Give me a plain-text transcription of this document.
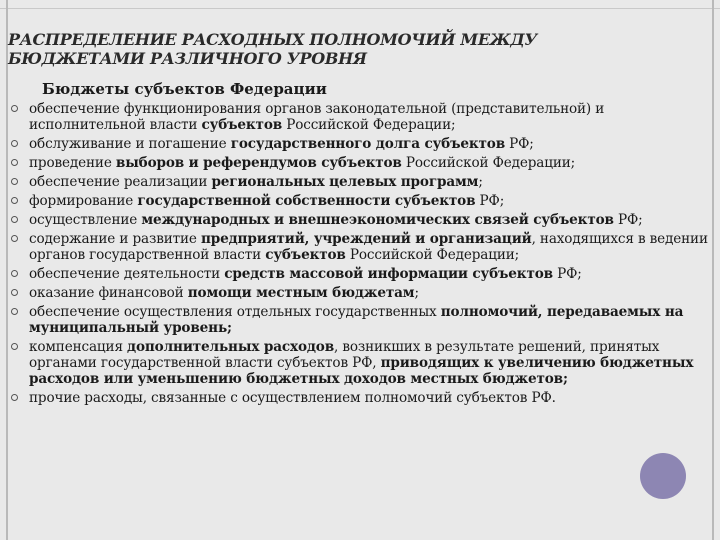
РАСПРЕДЕЛЕНИЕ РАСХОДНЫХ ПОЛНОМОЧИЙ МЕЖДУ
БЮДЖЕТАМИ РАЗЛИЧНОГО УРОВНЯ

Бюджеты субъектов Федерации

обеспечение функционирования органов законодательной (представительной) и исполнительной власти субъектов Российской Федерации;
обслуживание и погашение государственного долга субъектов РФ;
проведение выборов и референдумов субъектов Российской Федерации;
обеспечение реализации региональных целевых программ;
формирование государственной собственности субъектов РФ;
осуществление международных и внешнеэкономических связей субъектов РФ;
содержание и развитие предприятий, учреждений и организаций, находящихся в ведении органов государственной власти субъектов Российской Федерации;
обеспечение деятельности средств массовой информации субъектов РФ;
оказание финансовой помощи местным бюджетам;
обеспечение осуществления отдельных государственных полномочий, передаваемых на муниципальный уровень;
компенсация дополнительных расходов, возникших в результате решений, принятых органами государственной власти субъектов РФ, приводящих к увеличению бюджетных расходов или уменьшению бюджетных доходов местных бюджетов;
прочие расходы, связанные с осуществлением полномочий субъектов РФ.
